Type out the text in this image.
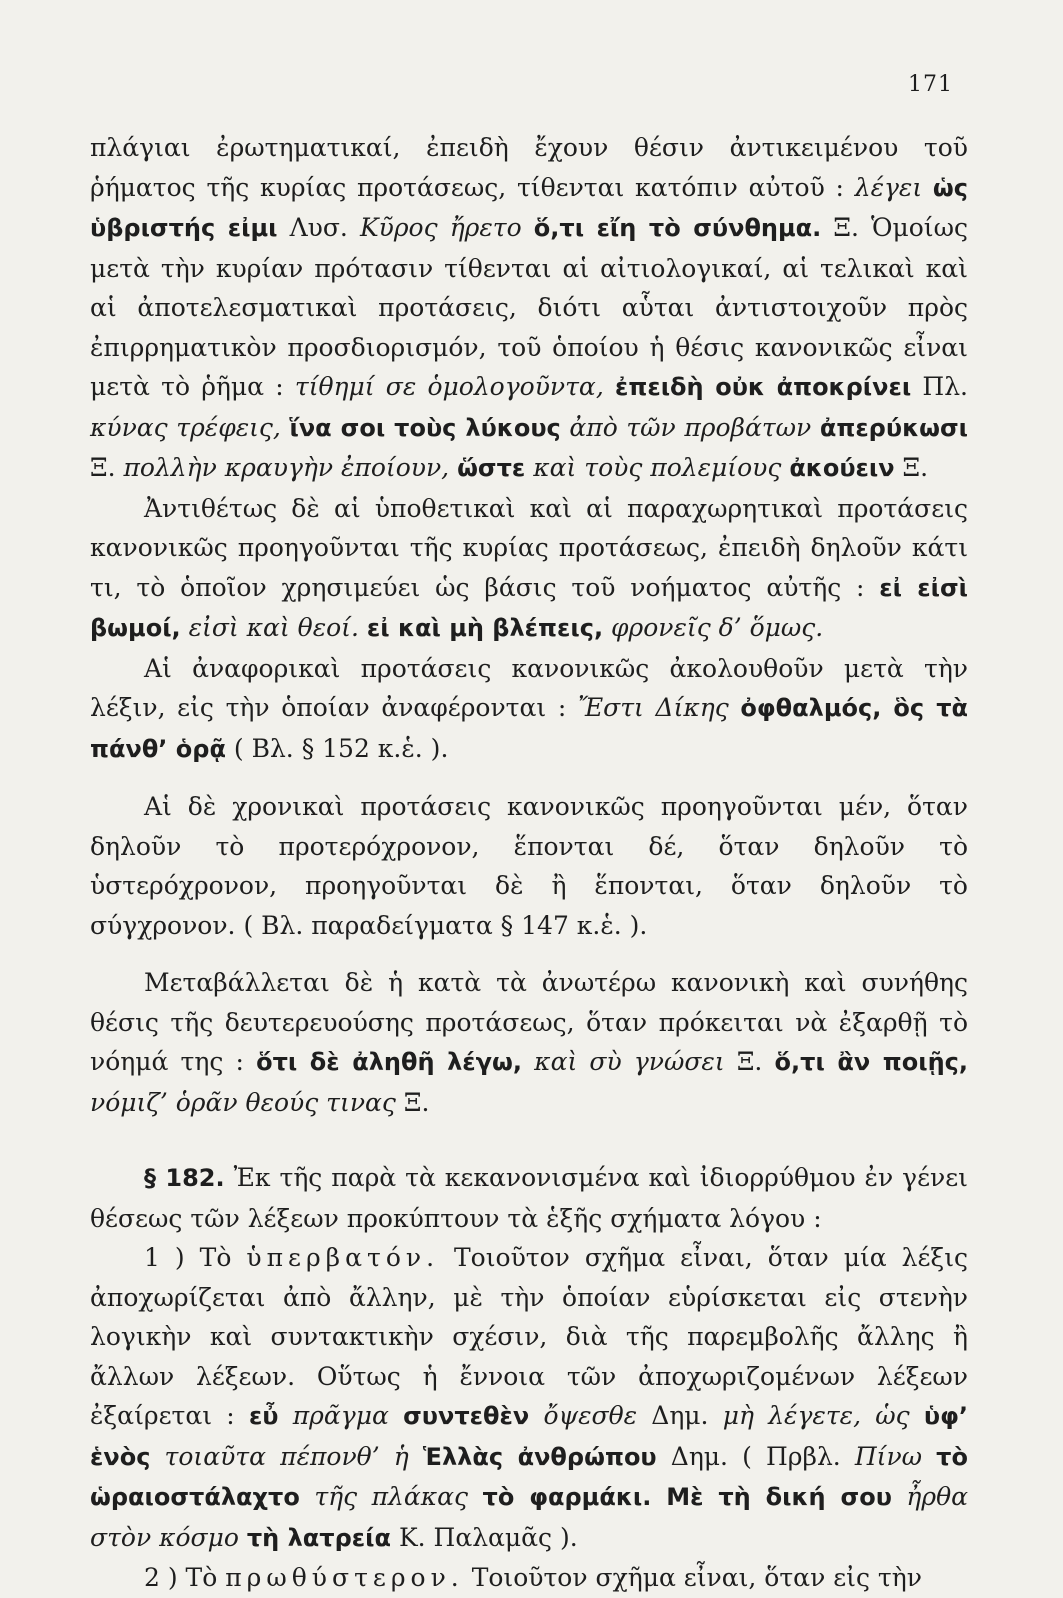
171

πλάγιαι ἐρωτηματικαί, ἐπειδὴ ἔχουν θέσιν ἀντικειμένου τοῦ ῥήματος τῆς κυρίας προτάσεως, τίθενται κατόπιν αὐτοῦ : λέγει ὡς ὑβριστής εἰμι Λυσ. Κῦρος ἤρετο ὅ,τι εἴη τὸ σύνθημα. Ξ. Ὁμοίως μετὰ τὴν κυρίαν πρότασιν τίθενται αἱ αἰτιολογικαί, αἱ τελικαὶ καὶ αἱ ἀποτελεσματικαὶ προτάσεις, διότι αὗται ἀντιστοιχοῦν πρὸς ἐπιρρηματικὸν προσδιορισμόν, τοῦ ὁποίου ἡ θέσις κανονικῶς εἶναι μετὰ τὸ ῥῆμα : τίθημί σε ὁμολογοῦντα, ἐπειδὴ οὐκ ἀποκρίνει Πλ. κύνας τρέφεις, ἵνα σοι τοὺς λύκους ἀπὸ τῶν προβάτων ἀπερύκωσι Ξ. πολλὴν κραυγὴν ἐποίουν, ὥστε καὶ τοὺς πολεμίους ἀκούειν Ξ.

Ἀντιθέτως δὲ αἱ ὑποθετικαὶ καὶ αἱ παραχωρητικαὶ προτάσεις κανονικῶς προηγοῦνται τῆς κυρίας προτάσεως, ἐπειδὴ δηλοῦν κάτι τι, τὸ ὁποῖον χρησιμεύει ὡς βάσις τοῦ νοήματος αὐτῆς : εἰ εἰσὶ βωμοί, εἰσὶ καὶ θεοί. εἰ καὶ μὴ βλέπεις, φρονεῖς δ’ ὅμως.

Αἱ ἀναφορικαὶ προτάσεις κανονικῶς ἀκολουθοῦν μετὰ τὴν λέξιν, εἰς τὴν ὁποίαν ἀναφέρονται : Ἔστι Δίκης ὀφθαλμός, ὃς τὰ πάνθ’ ὁρᾷ ( Βλ. § 152 κ.ἑ. ).

Αἱ δὲ χρονικαὶ προτάσεις κανονικῶς προηγοῦνται μέν, ὅταν δηλοῦν τὸ προτερόχρονον, ἕπονται δέ, ὅταν δηλοῦν τὸ ὑστερόχρονον, προηγοῦνται δὲ ἢ ἕπονται, ὅταν δηλοῦν τὸ σύγχρονον. ( Βλ. παραδείγματα § 147 κ.ἑ. ).

Μεταβάλλεται δὲ ἡ κατὰ τὰ ἀνωτέρω κανονικὴ καὶ συνήθης θέσις τῆς δευτερευούσης προτάσεως, ὅταν πρόκειται νὰ ἐξαρθῇ τὸ νόημά της : ὅτι δὲ ἀληθῆ λέγω, καὶ σὺ γνώσει Ξ. ὅ,τι ἂν ποιῇς, νόμιζ’ ὁρᾶν θεούς τινας Ξ.

§ 182. Ἐκ τῆς παρὰ τὰ κεκανονισμένα καὶ ἰδιορρύθμου ἐν γένει θέσεως τῶν λέξεων προκύπτουν τὰ ἑξῆς σχήματα λόγου :

1 ) Τὸ ὑπερβατόν. Τοιοῦτον σχῆμα εἶναι, ὅταν μία λέξις ἀποχωρίζεται ἀπὸ ἄλλην, μὲ τὴν ὁποίαν εὑρίσκεται εἰς στενὴν λογικὴν καὶ συντακτικὴν σχέσιν, διὰ τῆς παρεμβολῆς ἄλλης ἢ ἄλλων λέξεων. Οὕτως ἡ ἔννοια τῶν ἀποχωριζομένων λέξεων ἐξαίρεται : εὖ πρᾶγμα συντεθὲν ὄψεσθε Δημ. μὴ λέγετε, ὡς ὑφ’ ἑνὸς τοιαῦτα πέπονθ’ ἡ Ἑλλὰς ἀνθρώπου Δημ. ( Πρβλ. Πίνω τὸ ὡραιοστάλαχτο τῆς πλάκας τὸ φαρμάκι. Μὲ τὴ δική σου ἦρθα στὸν κόσμο τὴ λατρεία Κ. Παλαμᾶς ).

2 ) Τὸ πρωθύστερον. Τοιοῦτον σχῆμα εἶναι, ὅταν εἰς τὴν
